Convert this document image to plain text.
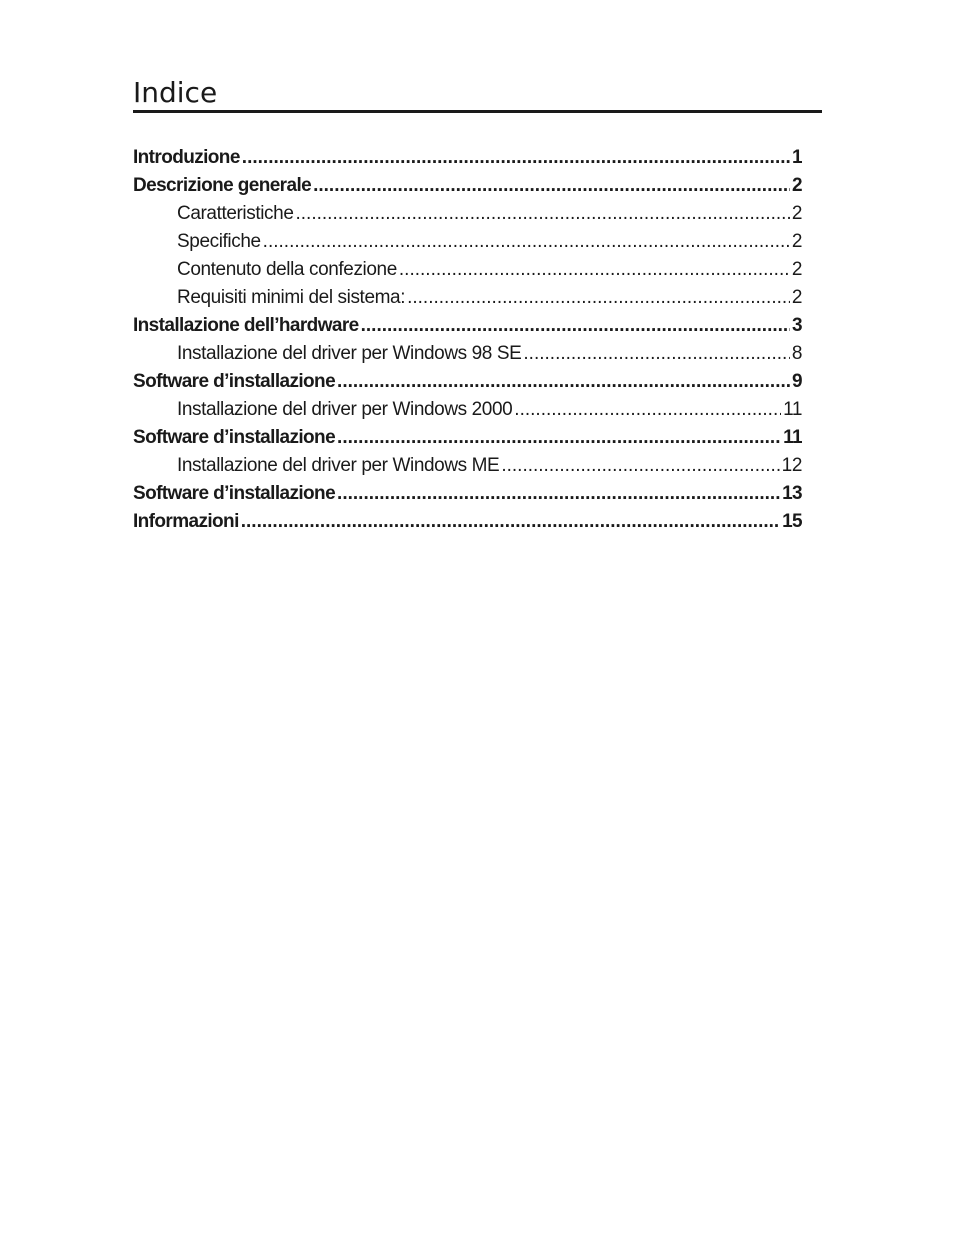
Indice
Introduzione .....	1
Descrizione generale .....	2
Caratteristiche .....	2
Specifiche .....	2
Contenuto della confezione .....	2
Requisiti minimi del sistema: .....	2
Installazione dell’hardware .....	3
Installazione del driver per Windows 98 SE .....	8
Software d’installazione .....	9
Installazione del driver per Windows 2000 .....	11
Software d’installazione .....	11
Installazione del driver per Windows ME .....	12
Software d’installazione .....	13
Informazioni .....	15
